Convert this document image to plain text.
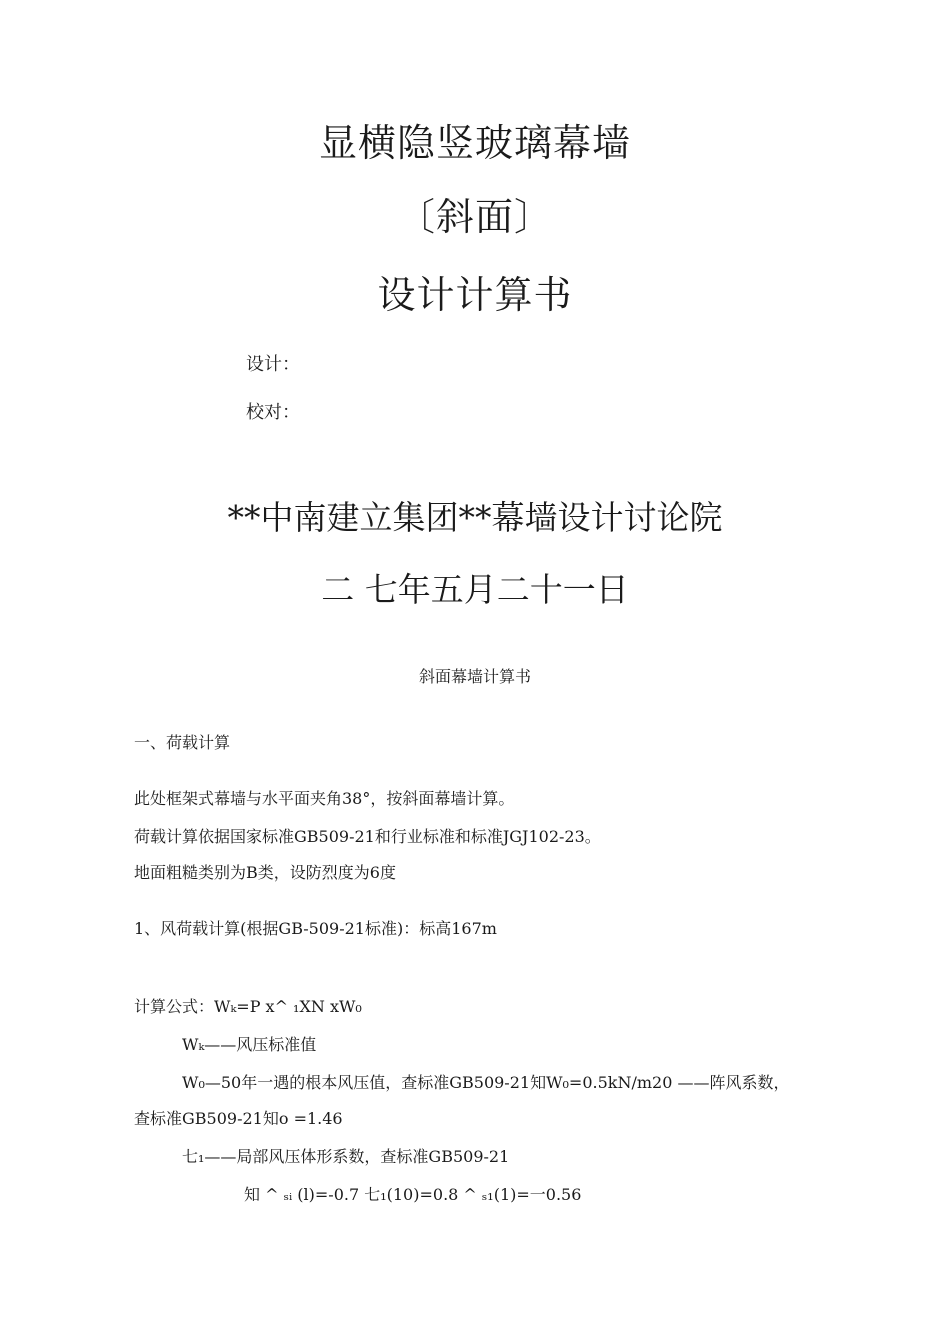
显横隐竖玻璃幕墙
〔斜面〕
设计计算书
设计：
校对：
**中南建立集团**幕墙设计讨论院
二 七年五月二十一日
斜面幕墙计算书
一、荷载计算
此处框架式幕墙与水平面夹角38°，按斜面幕墙计算。
荷载计算依据国家标准GB509-21和行业标准和标准JGJ102-23。
地面粗糙类别为B类，设防烈度为6度
1、风荷载计算(根据GB-509-21标准)：标高167m
计算公式：Wₖ=P x^ ₁XN xW₀
Wₖ——风压标准值
W₀—50年一遇的根本风压值，查标准GB509-21知W₀=0.5kN/m20 ——阵风系数，
查标准GB509-21知o =1.46
七₁——局部风压体形系数，查标准GB509-21
知 ^ ₛᵢ (l)=-0.7 七₁(10)=0.8 ^ ₛ₁(1)=一0.56
